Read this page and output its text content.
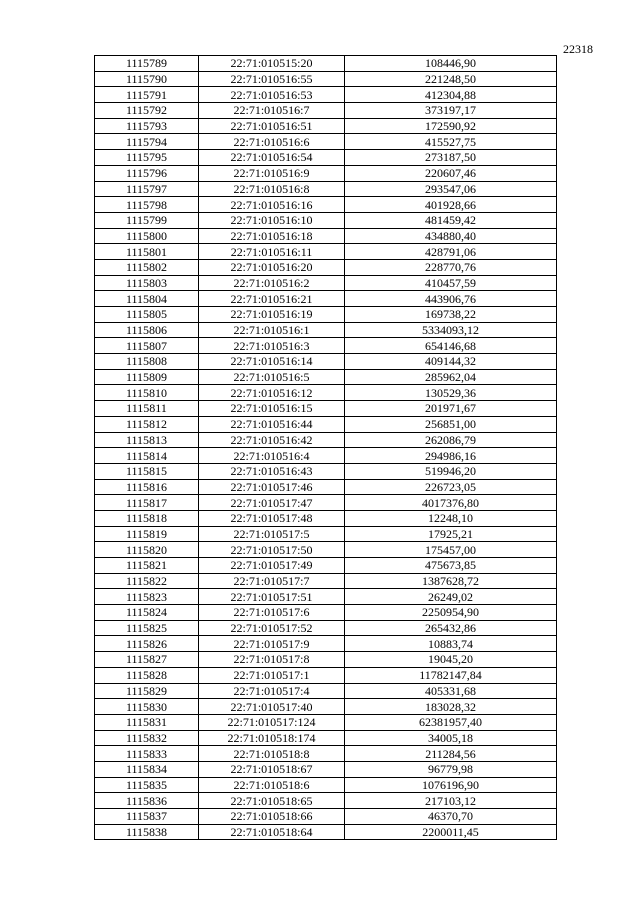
22318
1115789	22:71:010515:20	108446,90
1115790	22:71:010516:55	221248,50
1115791	22:71:010516:53	412304,88
1115792	22:71:010516:7	373197,17
1115793	22:71:010516:51	172590,92
1115794	22:71:010516:6	415527,75
1115795	22:71:010516:54	273187,50
1115796	22:71:010516:9	220607,46
1115797	22:71:010516:8	293547,06
1115798	22:71:010516:16	401928,66
1115799	22:71:010516:10	481459,42
1115800	22:71:010516:18	434880,40
1115801	22:71:010516:11	428791,06
1115802	22:71:010516:20	228770,76
1115803	22:71:010516:2	410457,59
1115804	22:71:010516:21	443906,76
1115805	22:71:010516:19	169738,22
1115806	22:71:010516:1	5334093,12
1115807	22:71:010516:3	654146,68
1115808	22:71:010516:14	409144,32
1115809	22:71:010516:5	285962,04
1115810	22:71:010516:12	130529,36
1115811	22:71:010516:15	201971,67
1115812	22:71:010516:44	256851,00
1115813	22:71:010516:42	262086,79
1115814	22:71:010516:4	294986,16
1115815	22:71:010516:43	519946,20
1115816	22:71:010517:46	226723,05
1115817	22:71:010517:47	4017376,80
1115818	22:71:010517:48	12248,10
1115819	22:71:010517:5	17925,21
1115820	22:71:010517:50	175457,00
1115821	22:71:010517:49	475673,85
1115822	22:71:010517:7	1387628,72
1115823	22:71:010517:51	26249,02
1115824	22:71:010517:6	2250954,90
1115825	22:71:010517:52	265432,86
1115826	22:71:010517:9	10883,74
1115827	22:71:010517:8	19045,20
1115828	22:71:010517:1	11782147,84
1115829	22:71:010517:4	405331,68
1115830	22:71:010517:40	183028,32
1115831	22:71:010517:124	62381957,40
1115832	22:71:010518:174	34005,18
1115833	22:71:010518:8	211284,56
1115834	22:71:010518:67	96779,98
1115835	22:71:010518:6	1076196,90
1115836	22:71:010518:65	217103,12
1115837	22:71:010518:66	46370,70
1115838	22:71:010518:64	2200011,45
